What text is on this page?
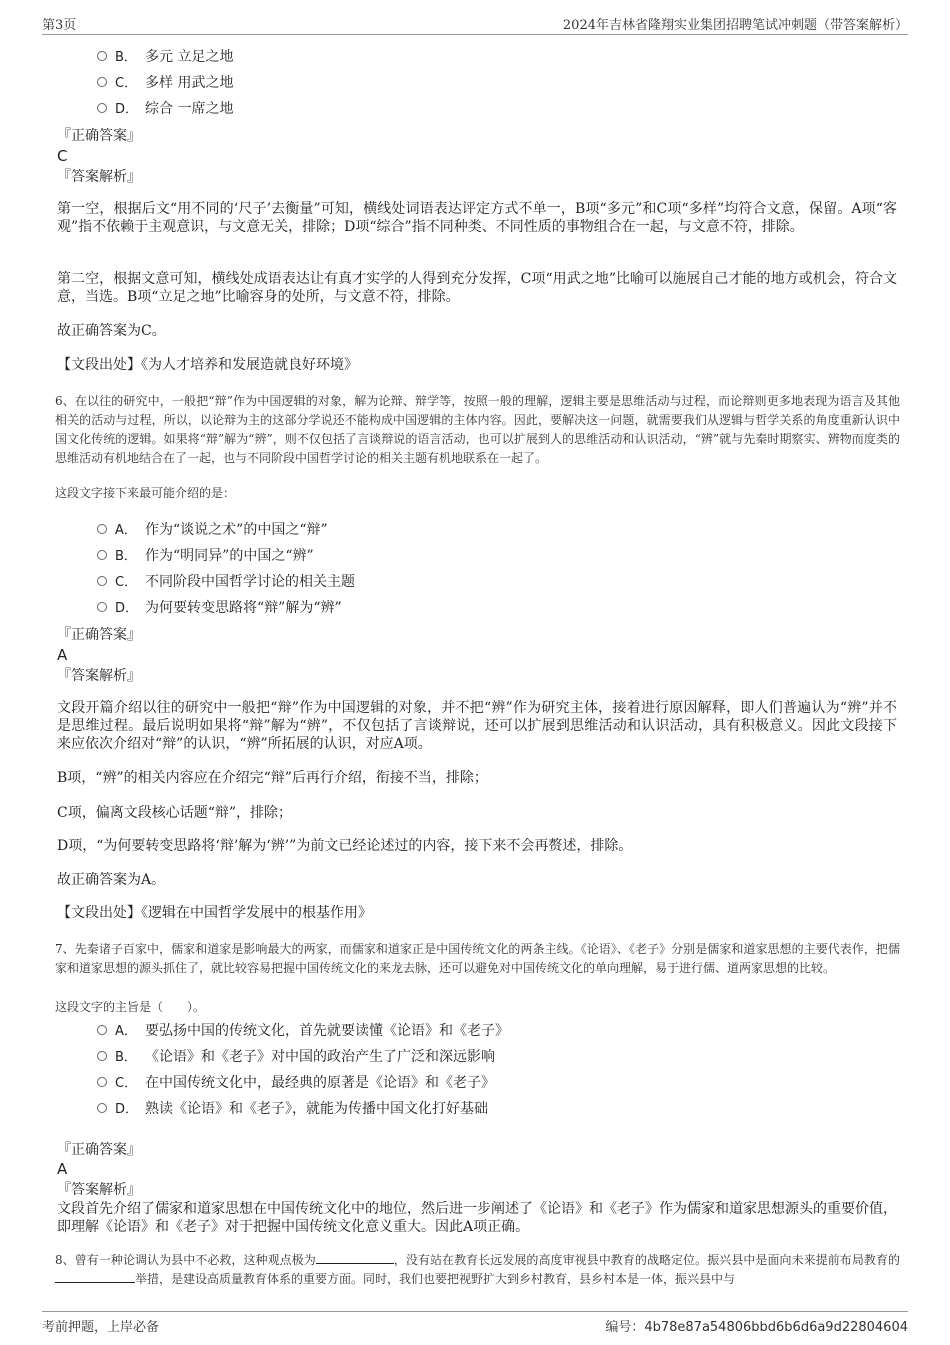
第3页	2024年吉林省隆翔实业集团招聘笔试冲刺题（带答案解析）
B． 多元 立足之地
C． 多样 用武之地
D． 综合 一席之地
『正确答案』
C
『答案解析』
第一空，根据后文“用不同的‘尺子’去衡量”可知，横线处词语表达评定方式不单一，B项“多元”和C项“多样”均符合文意，保留。A项“客观”指不依赖于主观意识，与文意无关，排除；D项“综合”指不同种类、不同性质的事物组合在一起，与文意不符，排除。
第二空，根据文意可知，横线处成语表达让有真才实学的人得到充分发挥，C项“用武之地”比喻可以施展自己才能的地方或机会，符合文意，当选。B项“立足之地”比喻容身的处所，与文意不符，排除。
故正确答案为C。
【文段出处】《为人才培养和发展造就良好环境》
6、在以往的研究中，一般把“辩”作为中国逻辑的对象，解为论辩、辩学等，按照一般的理解，逻辑主要是思维活动与过程，而论辩则更多地表现为语言及其他相关的活动与过程，所以，以论辩为主的这部分学说还不能构成中国逻辑的主体内容。因此，要解决这一问题，就需要我们从逻辑与哲学关系的角度重新认识中国文化传统的逻辑。如果将“辩”解为“辨”，则不仅包括了言谈辩说的语言活动，也可以扩展到人的思维活动和认识活动，“辨”就与先秦时期察实、辨物而度类的思维活动有机地结合在了一起，也与不同阶段中国哲学讨论的相关主题有机地联系在一起了。
这段文字接下来最可能介绍的是：
A． 作为“谈说之术”的中国之“辩”
B． 作为“明同异”的中国之“辨”
C． 不同阶段中国哲学讨论的相关主题
D． 为何要转变思路将“辩”解为“辨”
『正确答案』
A
『答案解析』
文段开篇介绍以往的研究中一般把“辩”作为中国逻辑的对象，并不把“辨”作为研究主体，接着进行原因解释，即人们普遍认为“辨”并不是思维过程。最后说明如果将“辩”解为“辨”，不仅包括了言谈辩说，还可以扩展到思维活动和认识活动，具有积极意义。因此文段接下来应依次介绍对“辩”的认识，“辨”所拓展的认识，对应A项。
B项，“辨”的相关内容应在介绍完“辩”后再行介绍，衔接不当，排除；
C项，偏离文段核心话题“辩”，排除；
D项，“为何要转变思路将‘辩’解为‘辨’”为前文已经论述过的内容，接下来不会再赘述，排除。
故正确答案为A。
【文段出处】《逻辑在中国哲学发展中的根基作用》
7、先秦诸子百家中，儒家和道家是影响最大的两家，而儒家和道家正是中国传统文化的两条主线。《论语》、《老子》分别是儒家和道家思想的主要代表作，把儒家和道家思想的源头抓住了，就比较容易把握中国传统文化的来龙去脉，还可以避免对中国传统文化的单向理解，易于进行儒、道两家思想的比较。
这段文字的主旨是（　　）。
A． 要弘扬中国的传统文化，首先就要读懂《论语》和《老子》
B． 《论语》和《老子》对中国的政治产生了广泛和深远影响
C． 在中国传统文化中，最经典的原著是《论语》和《老子》
D． 熟读《论语》和《老子》，就能为传播中国文化打好基础
『正确答案』
A
『答案解析』
文段首先介绍了儒家和道家思想在中国传统文化中的地位，然后进一步阐述了《论语》和《老子》作为儒家和道家思想源头的重要价值，即理解《论语》和《老子》对于把握中国传统文化意义重大。因此A项正确。
8、曾有一种论调认为县中不必救，这种观点极为	，没有站在教育长远发展的高度审视县中教育的战略定位。振兴县中是面向未来提前布局教育的举措，是建设高质量教育体系的重要方面。同时，我们也要把视野扩大到乡村教育，县乡村本是一体，振兴县中与
考前押题，上岸必备	编号：4b78e87a54806bbd6b6d6a9d22804604
